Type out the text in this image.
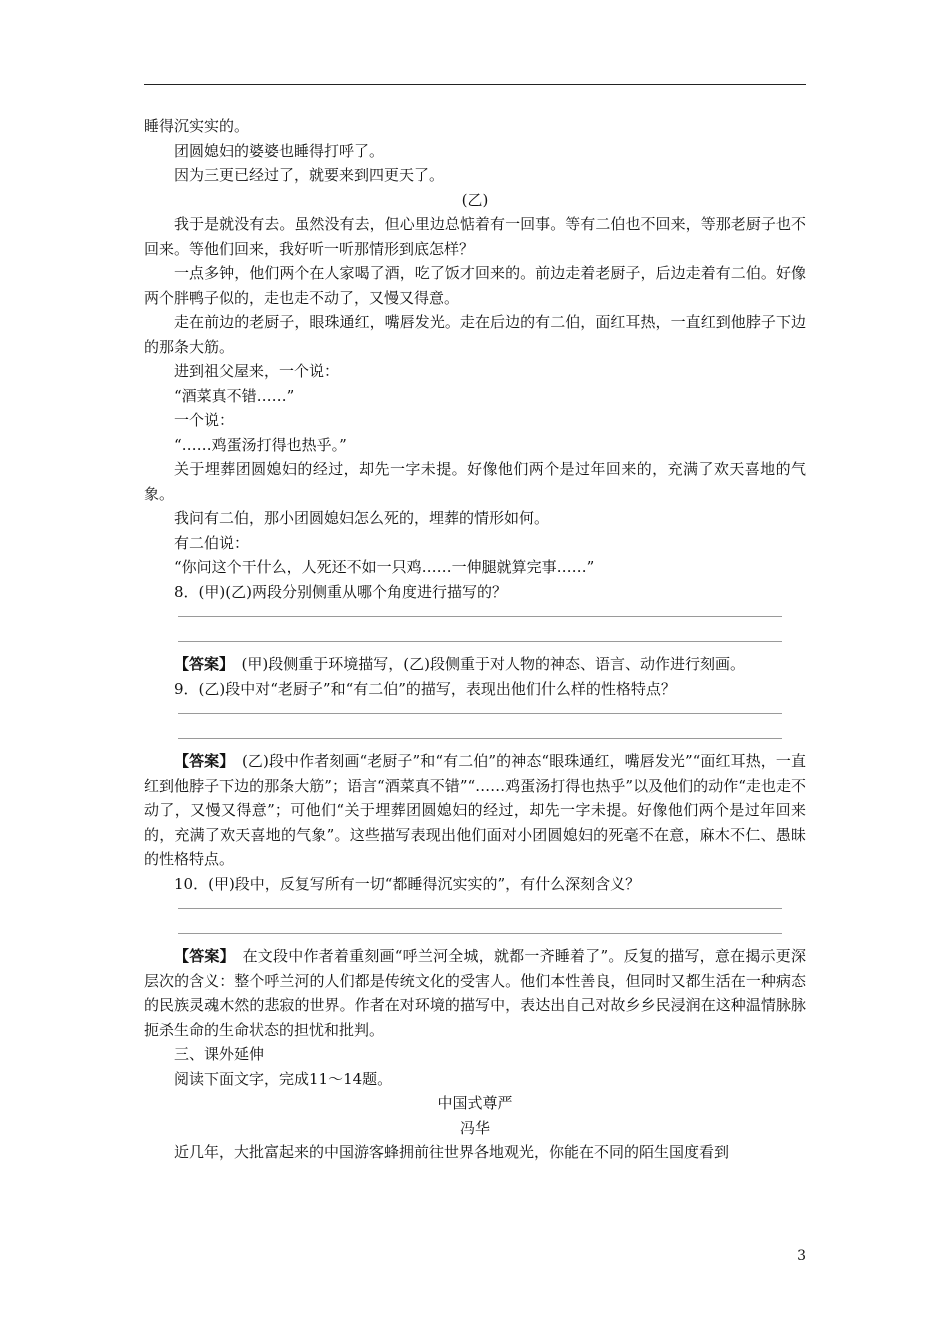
睡得沉实实的。

团圆媳妇的婆婆也睡得打呼了。

因为三更已经过了，就要来到四更天了。

(乙)

我于是就没有去。虽然没有去，但心里边总惦着有一回事。等有二伯也不回来，等那老厨子也不回来。等他们回来，我好听一听那情形到底怎样？

一点多钟，他们两个在人家喝了酒，吃了饭才回来的。前边走着老厨子，后边走着有二伯。好像两个胖鸭子似的，走也走不动了，又慢又得意。

走在前边的老厨子，眼珠通红，嘴唇发光。走在后边的有二伯，面红耳热，一直红到他脖子下边的那条大筋。

进到祖父屋来，一个说：

“酒菜真不错……”

一个说：

“……鸡蛋汤打得也热乎。”

关于埋葬团圆媳妇的经过，却先一字未提。好像他们两个是过年回来的，充满了欢天喜地的气象。

我问有二伯，那小团圆媳妇怎么死的，埋葬的情形如何。

有二伯说：

“你问这个干什么，人死还不如一只鸡……一伸腿就算完事……”

8．(甲)(乙)两段分别侧重从哪个角度进行描写的？

【答案】　 (甲)段侧重于环境描写，(乙)段侧重于对人物的神态、语言、动作进行刻画。

9．(乙)段中对“老厨子”和“有二伯”的描写，表现出他们什么样的性格特点？

【答案】　 (乙)段中作者刻画“老厨子”和“有二伯”的神态“眼珠通红，嘴唇发光”“面红耳热，一直红到他脖子下边的那条大筋”；语言“酒菜真不错”“……鸡蛋汤打得也热乎”以及他们的动作“走也走不动了，又慢又得意”；可他们“关于埋葬团圆媳妇的经过，却先一字未提。好像他们两个是过年回来的，充满了欢天喜地的气象”。这些描写表现出他们面对小团圆媳妇的死毫不在意，麻木不仁、愚昧的性格特点。

10．(甲)段中，反复写所有一切“都睡得沉实实的”，有什么深刻含义？

【答案】　 在文段中作者着重刻画“呼兰河全城，就都一齐睡着了”。反复的描写，意在揭示更深层次的含义：整个呼兰河的人们都是传统文化的受害人。他们本性善良，但同时又都生活在一种病态的民族灵魂木然的悲寂的世界。作者在对环境的描写中，表达出自己对故乡乡民浸润在这种温情脉脉扼杀生命的生命状态的担忧和批判。

三、课外延伸

阅读下面文字，完成11～14题。

中国式尊严

冯华

近几年，大批富起来的中国游客蜂拥前往世界各地观光，你能在不同的陌生国度看到

3
